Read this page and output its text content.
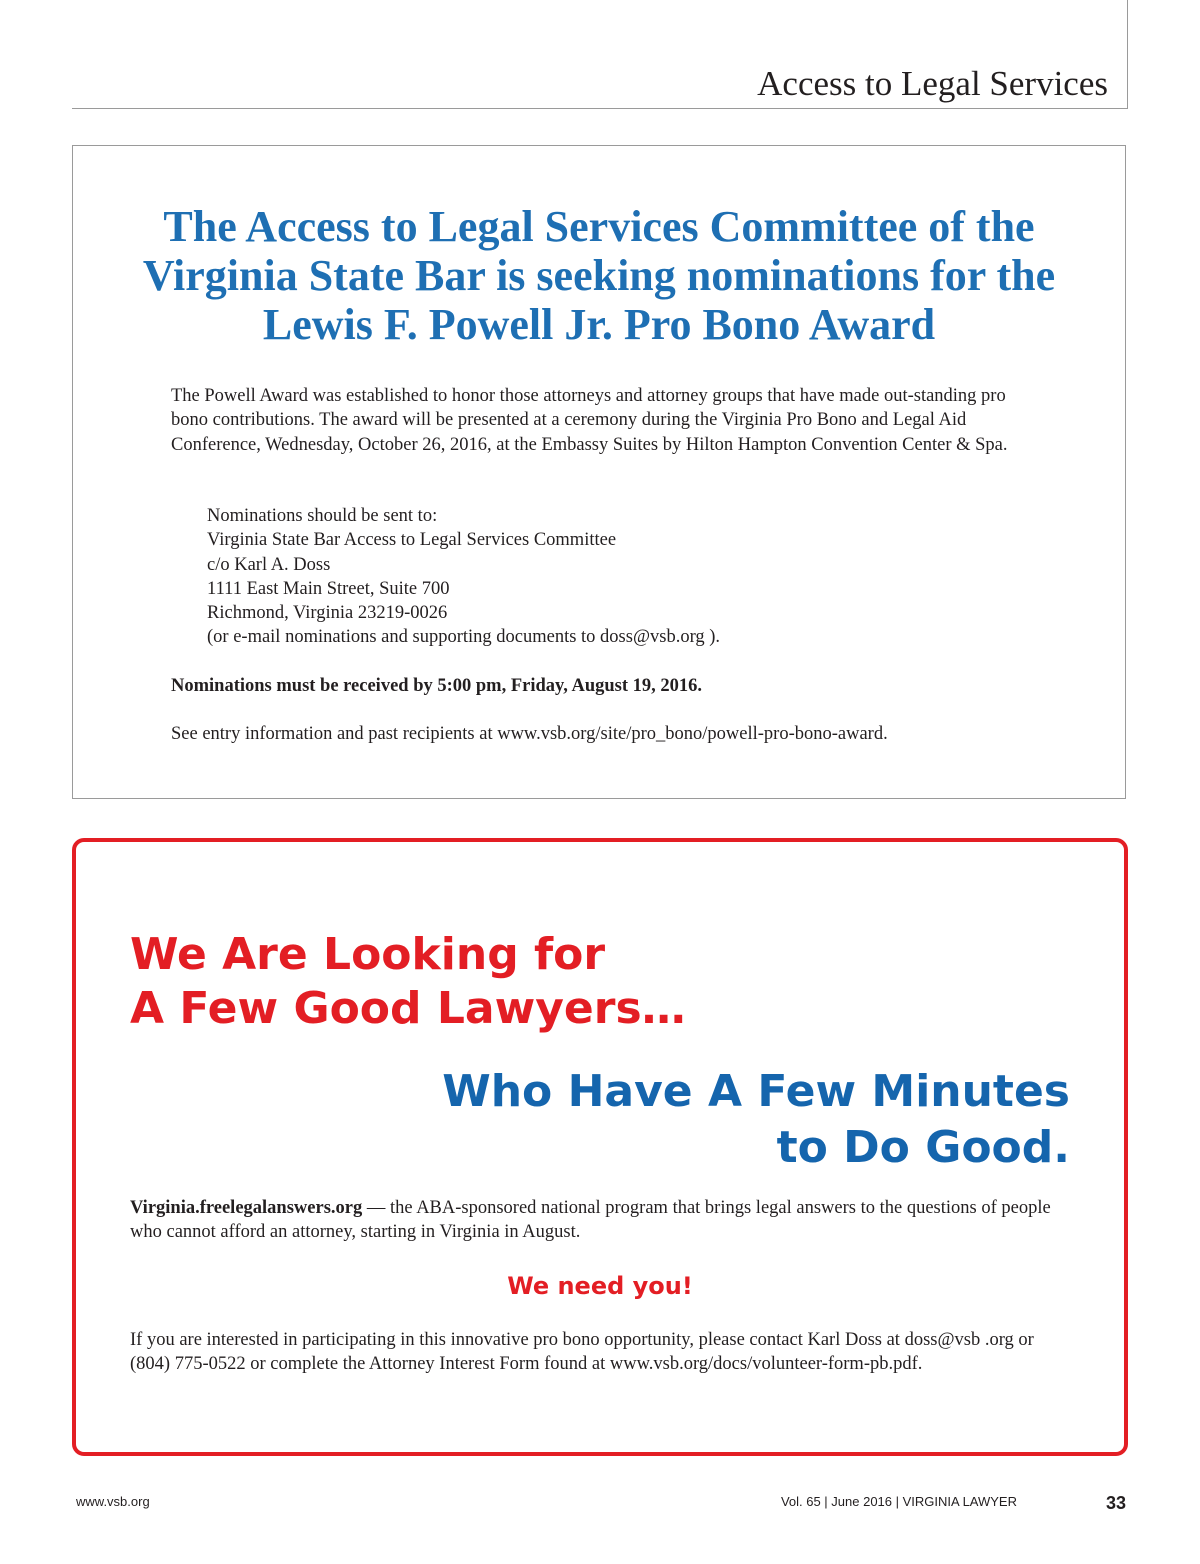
Access to Legal Services
The Access to Legal Services Committee of the
Virginia State Bar is seeking nominations for the
Lewis F. Powell Jr. Pro Bono Award

The Powell Award was established to honor those attorneys and attorney groups that have made out-standing pro bono contributions. The award will be presented at a ceremony during the Virginia Pro Bono and Legal Aid Conference, Wednesday, October 26, 2016, at the Embassy Suites by Hilton Hampton Convention Center & Spa.

Nominations should be sent to:
Virginia State Bar Access to Legal Services Committee
c/o Karl A. Doss
1111 East Main Street, Suite 700
Richmond, Virginia 23219-0026
(or e-mail nominations and supporting documents to doss@vsb.org ).

Nominations must be received by 5:00 pm, Friday, August 19, 2016.

See entry information and past recipients at www.vsb.org/site/pro_bono/powell-pro-bono-award.

We Are Looking for
A Few Good Lawyers…
Who Have A Few Minutes
to Do Good.

Virginia.freelegalanswers.org — the ABA-sponsored national program that brings legal answers to the questions of people who cannot afford an attorney, starting in Virginia in August.

We need you!

If you are interested in participating in this innovative pro bono opportunity, please contact Karl Doss at doss@vsb .org or (804) 775-0522 or complete the Attorney Interest Form found at www.vsb.org/docs/volunteer-form-pb.pdf.

www.vsb.org	Vol. 65 | June 2016 | VIRGINIA LAWYER	33
